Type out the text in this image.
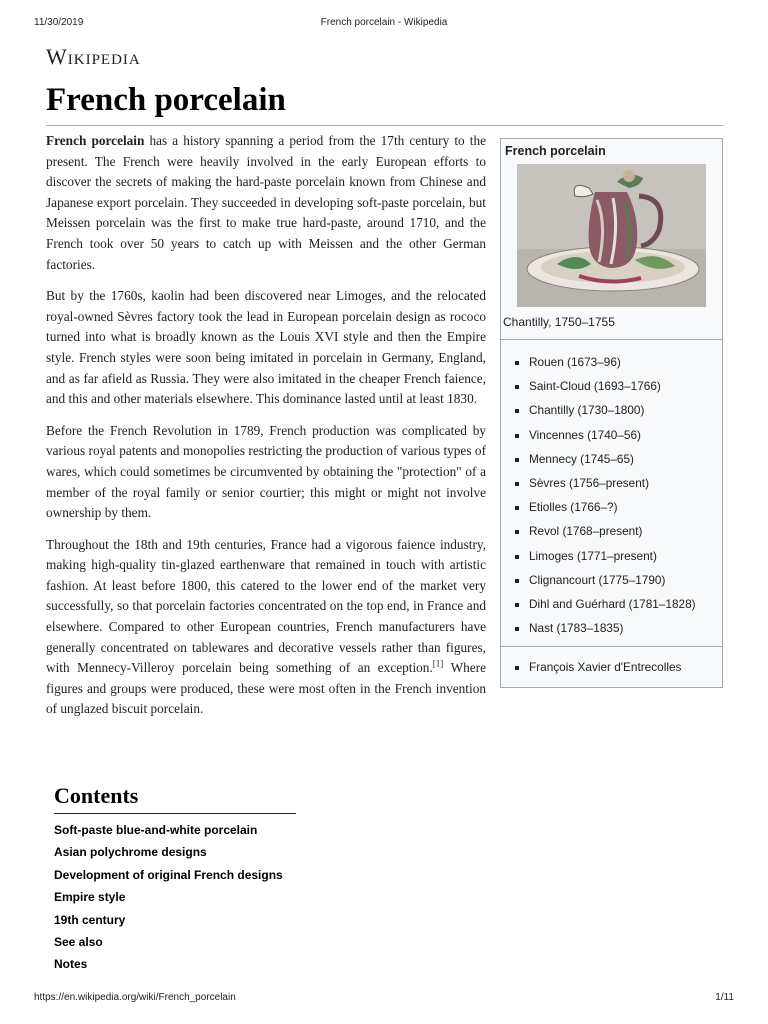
11/30/2019	French porcelain - Wikipedia
Wikipedia
French porcelain
French porcelain
Chantilly, 1750–1755
Rouen (1673–96)
Saint-Cloud (1693–1766)
Chantilly (1730–1800)
Vincennes (1740–56)
Mennecy (1745–65)
Sèvres (1756–present)
Etiolles (1766–?)
Revol (1768–present)
Limoges (1771–present)
Clignancourt (1775–1790)
Dihl and Guérhard (1781–1828)
Nast (1783–1835)
François Xavier d'Entrecolles

French porcelain has a history spanning a period from the 17th century to the present. The French were heavily involved in the early European efforts to discover the secrets of making the hard-paste porcelain known from Chinese and Japanese export porcelain. They succeeded in developing soft-paste porcelain, but Meissen porcelain was the first to make true hard-paste, around 1710, and the French took over 50 years to catch up with Meissen and the other German factories.

But by the 1760s, kaolin had been discovered near Limoges, and the relocated royal-owned Sèvres factory took the lead in European porcelain design as rococo turned into what is broadly known as the Louis XVI style and then the Empire style. French styles were soon being imitated in porcelain in Germany, England, and as far afield as Russia. They were also imitated in the cheaper French faience, and this and other materials elsewhere. This dominance lasted until at least 1830.

Before the French Revolution in 1789, French production was complicated by various royal patents and monopolies restricting the production of various types of wares, which could sometimes be circumvented by obtaining the "protection" of a member of the royal family or senior courtier; this might or might not involve ownership by them.

Throughout the 18th and 19th centuries, France had a vigorous faience industry, making high-quality tin-glazed earthenware that remained in touch with artistic fashion. At least before 1800, this catered to the lower end of the market very successfully, so that porcelain factories concentrated on the top end, in France and elsewhere. Compared to other European countries, French manufacturers have generally concentrated on tablewares and decorative vessels rather than figures, with Mennecy-Villeroy porcelain being something of an exception.[1] Where figures and groups were produced, these were most often in the French invention of unglazed biscuit porcelain.

Contents
Soft-paste blue-and-white porcelain
Asian polychrome designs
Development of original French designs
Empire style
19th century
See also
Notes
https://en.wikipedia.org/wiki/French_porcelain	1/11
